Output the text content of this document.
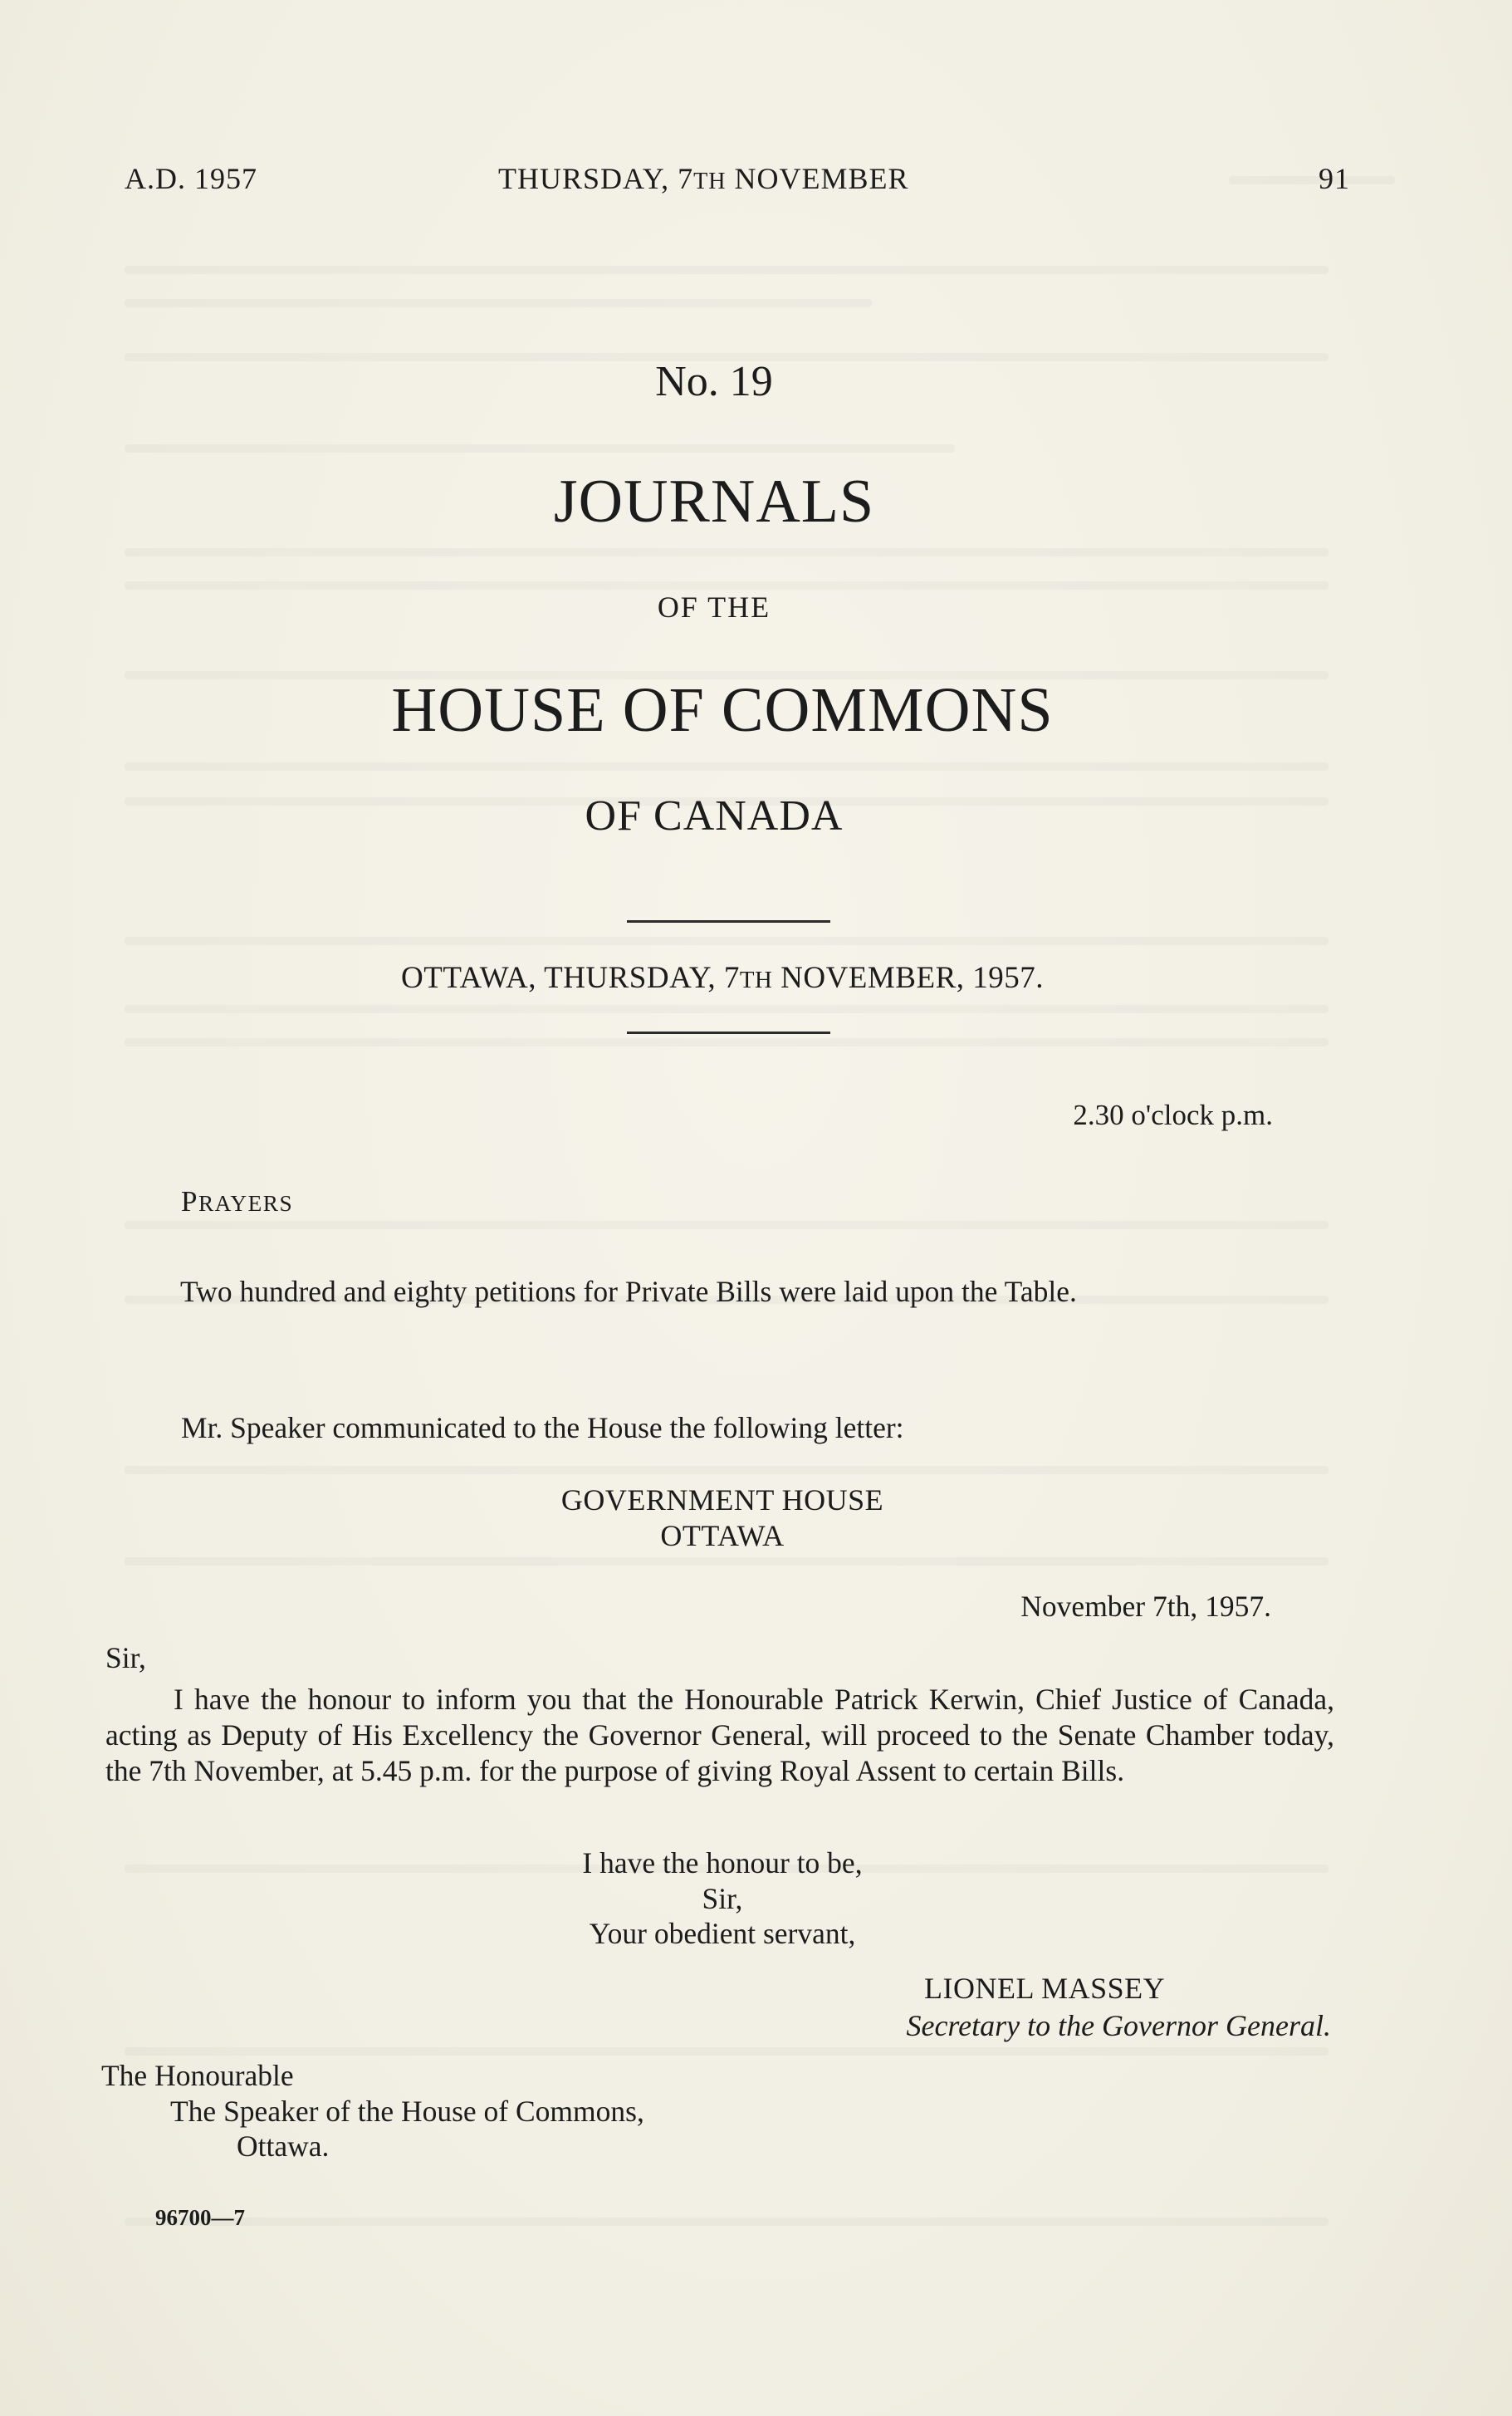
A.D. 1957	THURSDAY, 7TH NOVEMBER	91
No. 19
JOURNALS
OF THE
HOUSE OF COMMONS
OF CANADA
OTTAWA, THURSDAY, 7TH NOVEMBER, 1957.
2.30 o'clock p.m.
PRAYERS
Two hundred and eighty petitions for Private Bills were laid upon the Table.
Mr. Speaker communicated to the House the following letter:
GOVERNMENT HOUSE
OTTAWA
November 7th, 1957.
Sir,
I have the honour to inform you that the Honourable Patrick Kerwin, Chief Justice of Canada, acting as Deputy of His Excellency the Governor General, will proceed to the Senate Chamber today, the 7th November, at 5.45 p.m. for the purpose of giving Royal Assent to certain Bills.
I have the honour to be,
Sir,
Your obedient servant,
LIONEL MASSEY
Secretary to the Governor General.
The Honourable
The Speaker of the House of Commons,
Ottawa.
96700—7
